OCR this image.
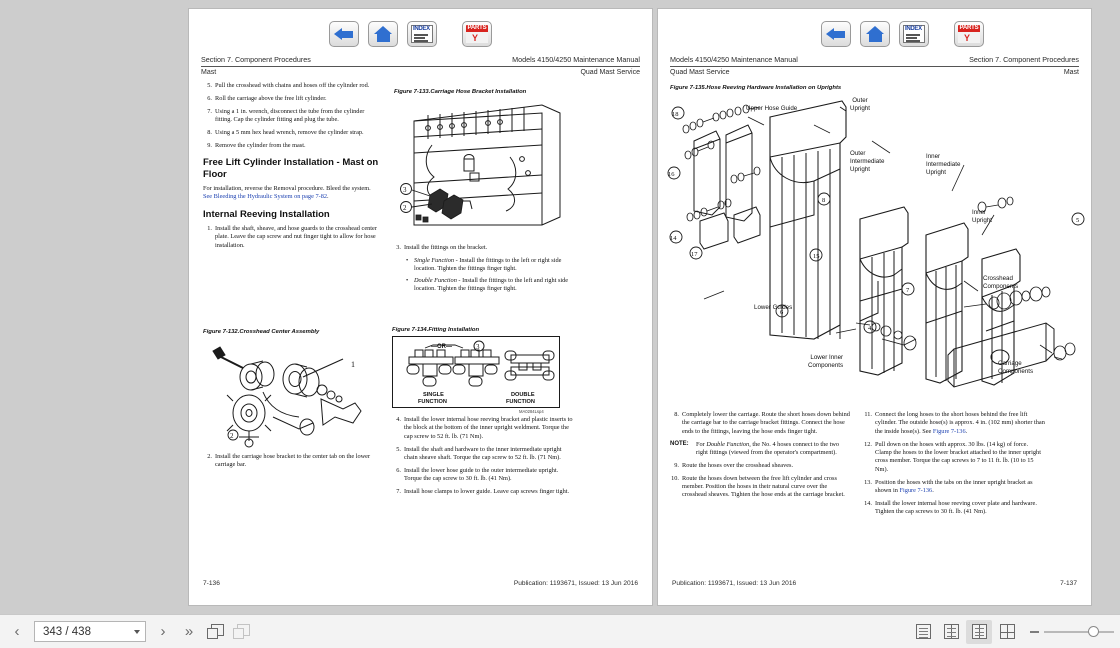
INDEX	PARTS
Y
Section 7. Component Procedures	Models 4150/4250 Maintenance Manual
Mast	Quad Mast Service
5. Pull the crosshead with chains and hoses off the cylinder rod.
6. Roll the carriage above the free lift cylinder.
7. Using a 1 in. wrench, disconnect the tube from the cylinder fitting. Cap the cylinder fitting and plug the tube.
8. Using a 5 mm hex head wrench, remove the cylinder strap.
9. Remove the cylinder from the mast.
Free Lift Cylinder Installation - Mast on Floor

For installation, reverse the Removal procedure. Bleed the system. See Bleeding the Hydraulic System on page 7-82.

Internal Reeving Installation
1. Install the shaft, sheave, and hose guards to the crosshead center plate. Leave the cap screw and nut finger tight to allow for hose installation.
Figure 7-132.Crosshead Center Assembly
1
2
2. Install the carriage hose bracket to the center tab on the lower carriage bar.
Figure 7-133.Carriage Hose Bracket Installation
3
2
3. Install the fittings on the bracket.
• Single Function - Install the fittings to the left or right side location. Tighten the fittings finger tight.
• Double Function - Install the fittings to the left and right side location. Tighten the fittings finger tight.
Figure 7-134.Fitting Installation
—OR—	3
SINGLE
FUNCTION
DOUBLE
FUNCTION
MA0284Lsp4
4. Install the lower internal hose reeving bracket and plastic inserts to the block at the bottom of the inner upright weldment. Torque the cap screw to 52 ft. lb. (71 Nm).
5. Install the shaft and hardware to the inner intermediate upright chain sheave shaft. Torque the cap screw to 52 ft. lb. (71 Nm).
6. Install the lower hose guide to the outer intermediate upright. Torque the cap screw to 30 ft. lb. (41 Nm).
7. Install hose clamps to lower guide. Leave cap screws finger tight.
7-136	Publication: 1193671, Issued: 13 Jun 2016
INDEX	PARTS
Y
Models 4150/4250 Maintenance Manual	Section 7. Component Procedures
Quad Mast Service	Mast
Figure 7-135.Hose Reeving Hardware Installation on Uprights
18
16
14
17
6
7
8
4
5
15
Upper Hose Guide
Outer
Upright
Outer
Intermediate
Upright
Inner
Intermediate
Upright
Inner
Upright
Crosshead
Components
Lower Guides
Lower Inner
Components	Carriage
Components
8. Completely lower the carriage. Route the short hoses down behind the carriage bar to the carriage bracket fittings. Connect the hose ends to the fittings, leaving the hose ends finger tight.
NOTE:	For Double Function, the No. 4 hoses connect to the two right fittings (viewed from the operator's compartment).
9. Route the hoses over the crosshead sheaves.
10. Route the hoses down between the free lift cylinder and cross member. Position the hoses in their natural curve over the crosshead sheaves. Tighten the hose ends at the carriage bracket.
11. Connect the long hoses to the short hoses behind the free lift cylinder. The outside hose(s) is approx. 4 in. (102 mm) shorter than the inside hose(s). See Figure 7-136.
12. Pull down on the hoses with approx. 30 lbs. (14 kg) of force. Clamp the hoses to the lower bracket attached to the inner upright cross member. Torque the cap screws to 7 to 11 ft. lb. (10 to 15 Nm).
13. Position the hoses with the tabs on the inner upright bracket as shown in Figure 7-136.
14. Install the lower internal hose reeving cover plate and hardware. Tighten the cap screws to 30 ft. lb. (41 Nm).
Publication: 1193671, Issued: 13 Jun 2016	7-137
‹	343 / 438	›	»
